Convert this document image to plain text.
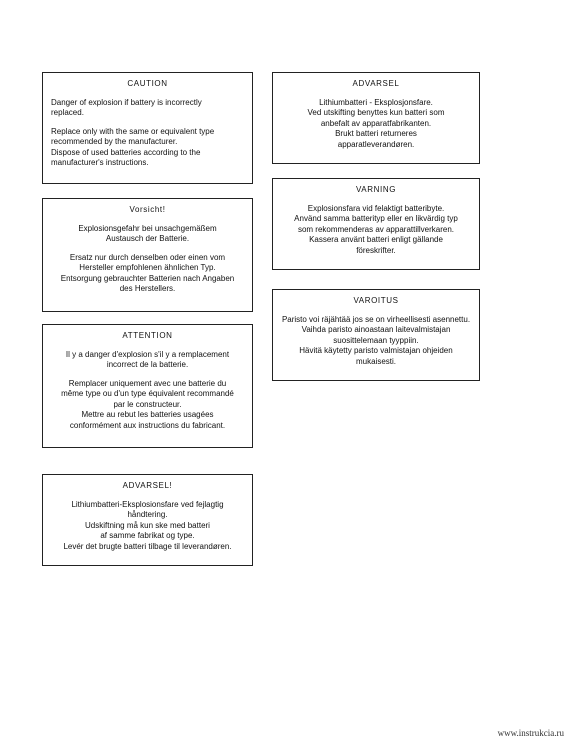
CAUTION

Danger of explosion if battery is incorrectly
replaced.

Replace only with the same or equivalent type
recommended by the manufacturer.
Dispose of used batteries according to the
manufacturer's instructions.

Vorsicht!

Explosionsgefahr bei unsachgemäßem
Austausch der Batterie.

Ersatz nur durch denselben oder einen vom
Hersteller empfohlenen ähnlichen Typ.
Entsorgung gebrauchter Batterien nach Angaben
des Herstellers.

ATTENTION

Il y a danger d'explosion s'il y a remplacement
incorrect de la batterie.

Remplacer uniquement avec une batterie du
même type ou d'un type équivalent recommandé
par le constructeur.
Mettre au rebut les batteries usagées
conformément aux instructions du fabricant.

ADVARSEL!

Lithiumbatteri-Eksplosionsfare ved fejlagtig
håndtering.
Udskiftning må kun ske med batteri
af samme fabrikat og type.
Levér det brugte batteri tilbage til leverandøren.

ADVARSEL

Lithiumbatteri - Eksplosjonsfare.
Ved utskifting benyttes kun batteri som
anbefalt av apparatfabrikanten.
Brukt batteri returneres
apparatleverandøren.

VARNING

Explosionsfara vid felaktigt batteribyte.
Använd samma batterityp eller en likvärdig typ
som rekommenderas av apparattillverkaren.
Kassera använt batteri enligt gällande
föreskrifter.

VAROITUS

Paristo voi räjähtää jos se on virheellisesti asennettu.
Vaihda paristo ainoastaan laitevalmistajan
suosittelemaan tyyppiin.
Hävitä käytetty paristo valmistajan ohjeiden
mukaisesti.

www.instrukcia.ru
